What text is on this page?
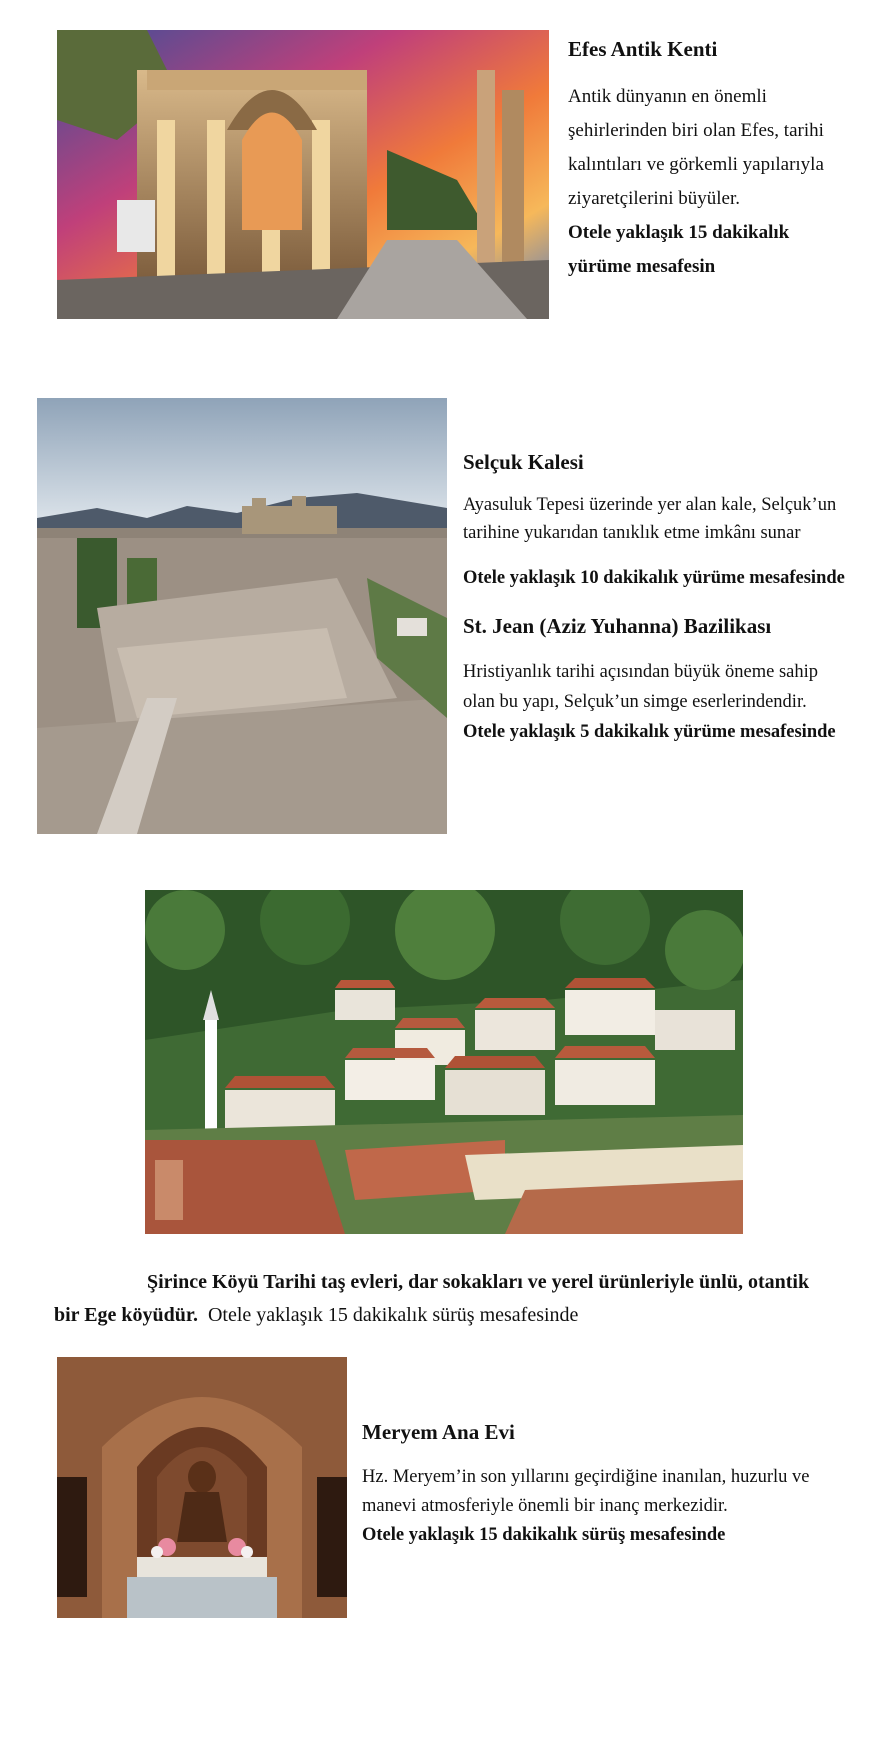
Efes Antik Kenti

Antik dünyanın en önemli

şehirlerinden biri olan Efes, tarihi

kalıntıları ve görkemli yapılarıyla

ziyaretçilerini büyüler.

Otele yaklaşık 15 dakikalık

yürüme mesafesin

Selçuk Kalesi

Ayasuluk Tepesi üzerinde yer alan kale, Selçuk’un

tarihine yukarıdan tanıklık etme imkânı sunar

Otele yaklaşık 10 dakikalık yürüme mesafesinde

St. Jean (Aziz Yuhanna) Bazilikası

Hristiyanlık tarihi açısından büyük öneme sahip

olan bu yapı, Selçuk’un simge eserlerindendir.

Otele yaklaşık 5 dakikalık yürüme mesafesinde

Şirince Köyü Tarihi taş evleri, dar sokakları ve yerel ürünleriyle ünlü, otantik

bir Ege köyüdür. Otele yaklaşık 15 dakikalık sürüş mesafesinde

Meryem Ana Evi

Hz. Meryem’in son yıllarını geçirdiğine inanılan, huzurlu ve

manevi atmosferiyle önemli bir inanç merkezidir.

Otele yaklaşık 15 dakikalık sürüş mesafesinde
